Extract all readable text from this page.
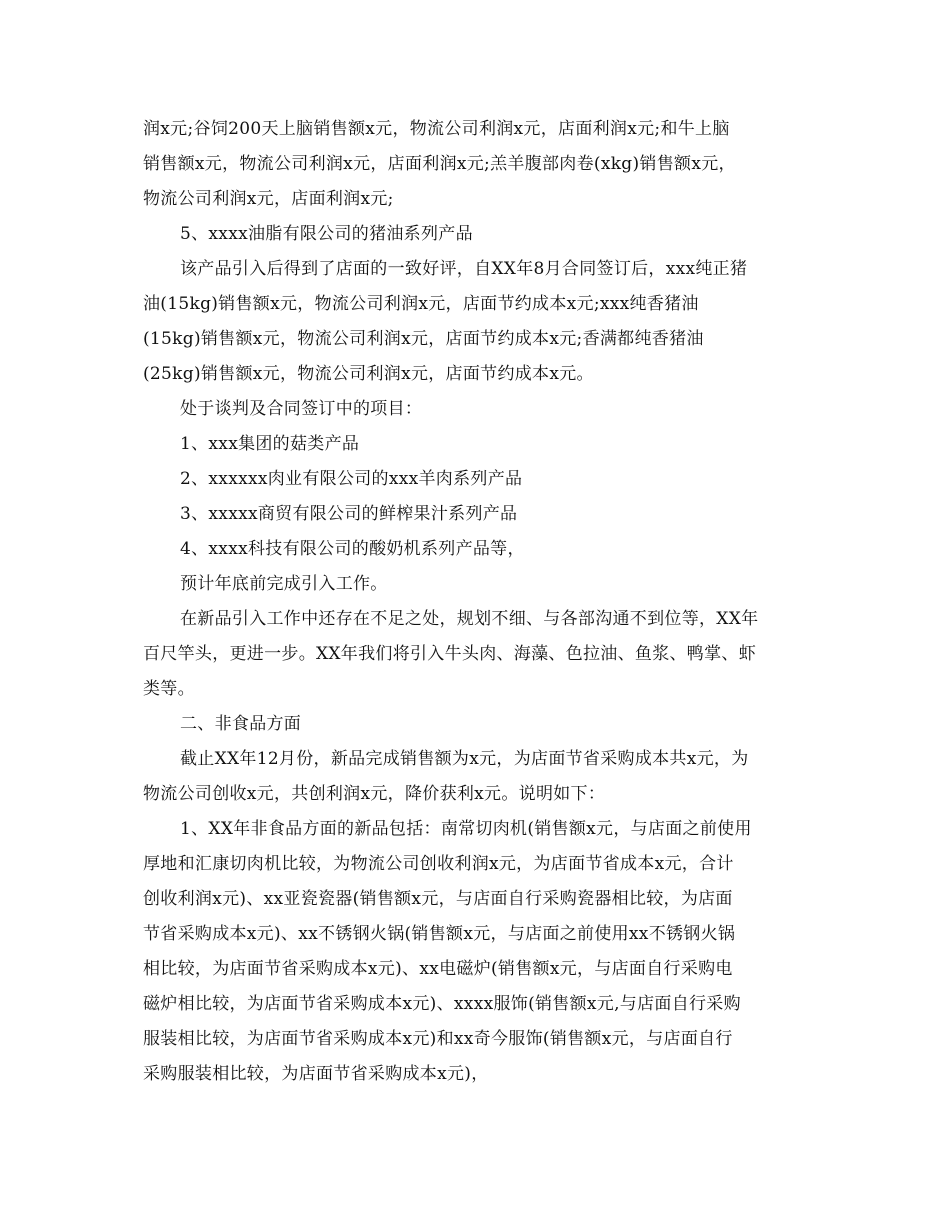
润x元;谷饲200天上脑销售额x元，物流公司利润x元，店面利润x元;和牛上脑
销售额x元，物流公司利润x元，店面利润x元;羔羊腹部肉卷(xkg)销售额x元，
物流公司利润x元，店面利润x元;
5、xxxx油脂有限公司的猪油系列产品
该产品引入后得到了店面的一致好评，自XX年8月合同签订后，xxx纯正猪
油(15kg)销售额x元，物流公司利润x元，店面节约成本x元;xxx纯香猪油
(15kg)销售额x元，物流公司利润x元，店面节约成本x元;香满都纯香猪油
(25kg)销售额x元，物流公司利润x元，店面节约成本x元。
处于谈判及合同签订中的项目：
1、xxx集团的菇类产品
2、xxxxxx肉业有限公司的xxx羊肉系列产品
3、xxxxx商贸有限公司的鲜榨果汁系列产品
4、xxxx科技有限公司的酸奶机系列产品等，
预计年底前完成引入工作。
在新品引入工作中还存在不足之处，规划不细、与各部沟通不到位等，XX年
百尺竿头，更进一步。XX年我们将引入牛头肉、海藻、色拉油、鱼浆、鸭掌、虾
类等。
二、非食品方面
截止XX年12月份，新品完成销售额为x元，为店面节省采购成本共x元，为
物流公司创收x元，共创利润x元，降价获利x元。说明如下：
1、XX年非食品方面的新品包括：南常切肉机(销售额x元，与店面之前使用
厚地和汇康切肉机比较，为物流公司创收利润x元，为店面节省成本x元，合计
创收利润x元)、xx亚瓷瓷器(销售额x元，与店面自行采购瓷器相比较，为店面
节省采购成本x元)、xx不锈钢火锅(销售额x元，与店面之前使用xx不锈钢火锅
相比较，为店面节省采购成本x元)、xx电磁炉(销售额x元，与店面自行采购电
磁炉相比较，为店面节省采购成本x元)、xxxx服饰(销售额x元,与店面自行采购
服装相比较，为店面节省采购成本x元)和xx奇今服饰(销售额x元，与店面自行
采购服装相比较，为店面节省采购成本x元)，
